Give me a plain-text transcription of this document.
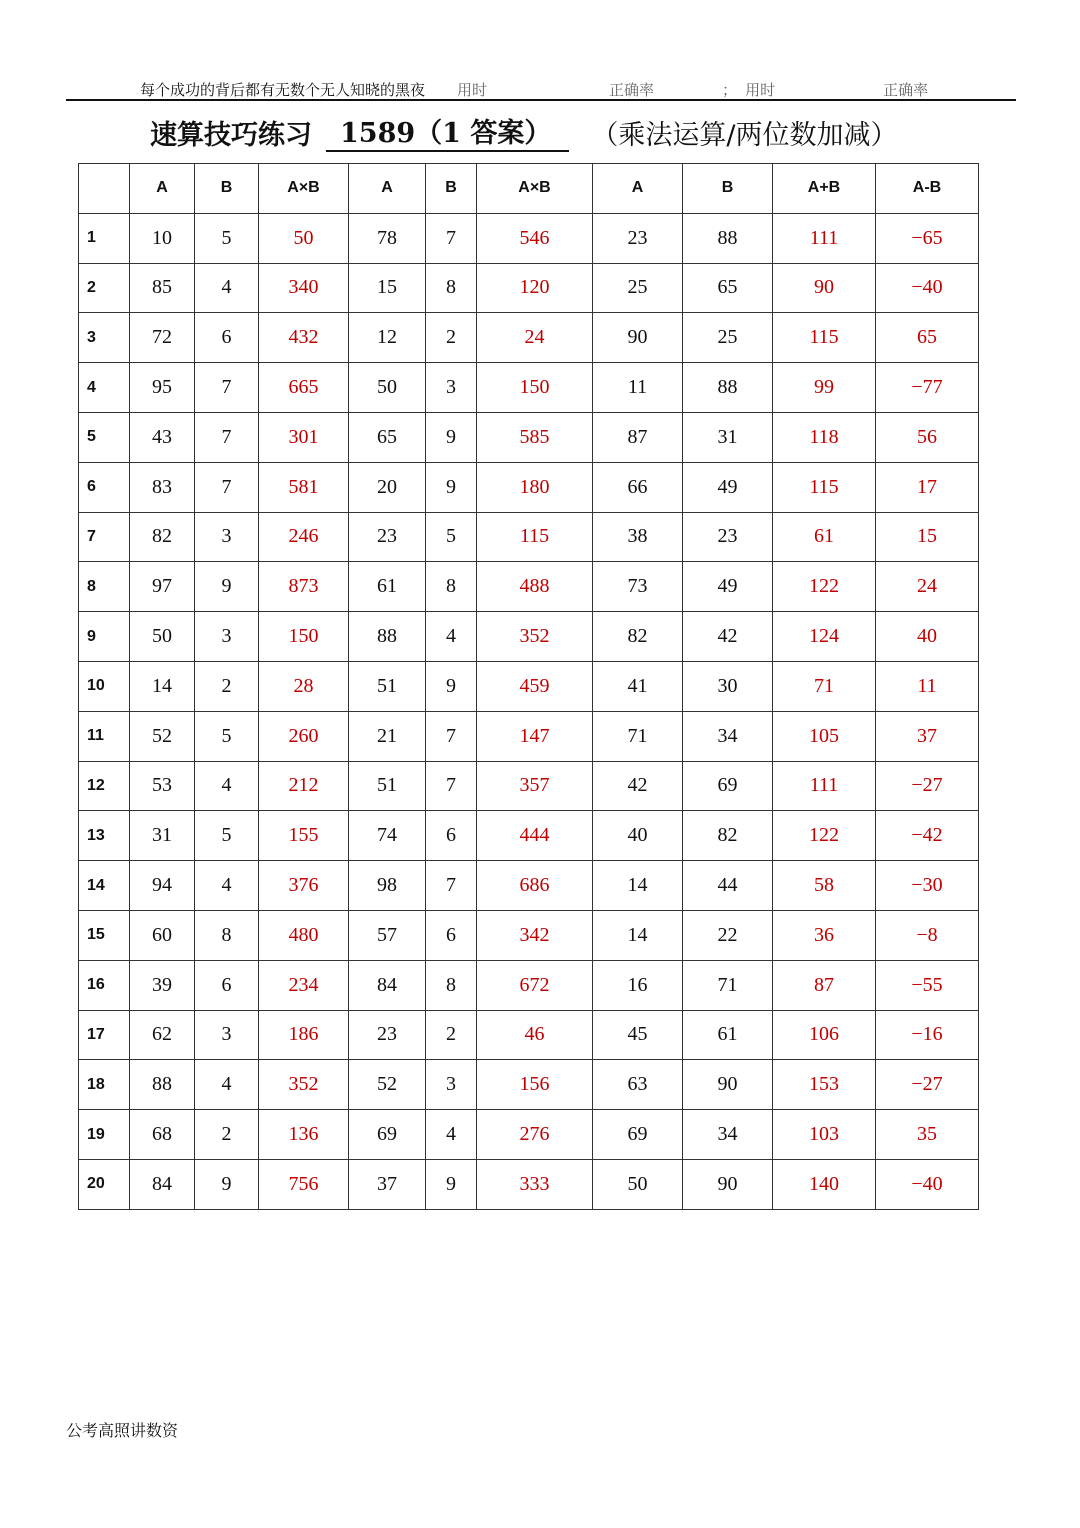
每个成功的背后都有无数个无人知晓的黑夜 用时	正确率	； 用时	正确率
速算技巧练习	1589（1 答案）	（乘法运算/两位数加减）
	A	B	A×B	A	B	A×B	A	B	A+B	A-B
1	10	5	50	78	7	546	23	88	111	−65
2	85	4	340	15	8	120	25	65	90	−40
3	72	6	432	12	2	24	90	25	115	65
4	95	7	665	50	3	150	11	88	99	−77
5	43	7	301	65	9	585	87	31	118	56
6	83	7	581	20	9	180	66	49	115	17
7	82	3	246	23	5	115	38	23	61	15
8	97	9	873	61	8	488	73	49	122	24
9	50	3	150	88	4	352	82	42	124	40
10	14	2	28	51	9	459	41	30	71	11
11	52	5	260	21	7	147	71	34	105	37
12	53	4	212	51	7	357	42	69	111	−27
13	31	5	155	74	6	444	40	82	122	−42
14	94	4	376	98	7	686	14	44	58	−30
15	60	8	480	57	6	342	14	22	36	−8
16	39	6	234	84	8	672	16	71	87	−55
17	62	3	186	23	2	46	45	61	106	−16
18	88	4	352	52	3	156	63	90	153	−27
19	68	2	136	69	4	276	69	34	103	35
20	84	9	756	37	9	333	50	90	140	−40
公考高照讲数资
